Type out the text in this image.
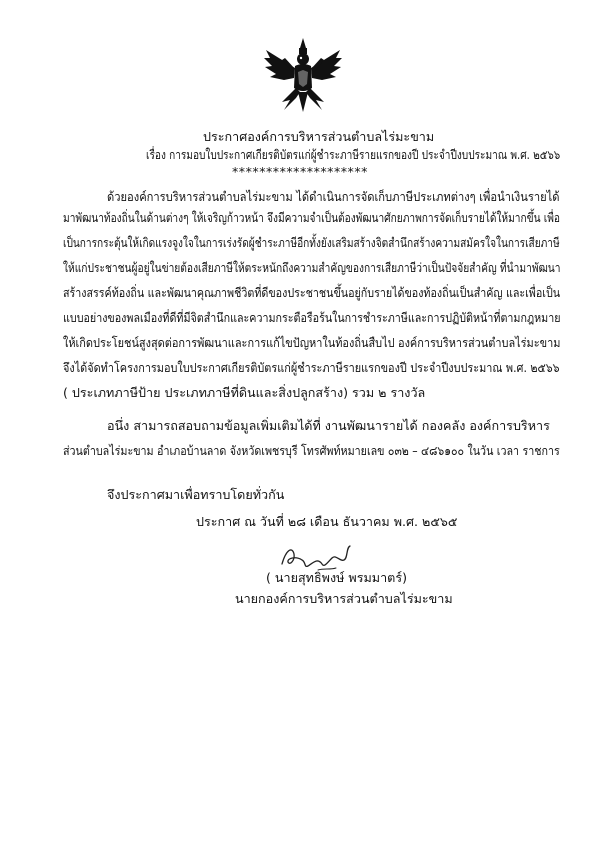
ประกาศองค์การบริหารส่วนตำบลไร่มะขาม
เรื่อง การมอบใบประกาศเกียรติบัตรแก่ผู้ชำระภาษีรายแรกของปี ประจำปีงบประมาณ พ.ศ. ๒๕๖๖
********************
ด้วยองค์การบริหารส่วนตำบลไร่มะขาม ได้ดำเนินการจัดเก็บภาษีประเภทต่างๆ เพื่อนำเงินรายได้
มาพัฒนาท้องถิ่นในด้านต่างๆ ให้เจริญก้าวหน้า จึงมีความจำเป็นต้องพัฒนาศักยภาพการจัดเก็บรายได้ให้มากขึ้น เพื่อ
เป็นการกระตุ้นให้เกิดแรงจูงใจในการเร่งรัดผู้ชำระภาษีอีกทั้งยังเสริมสร้างจิตสำนึกสร้างความสมัครใจในการเสียภาษี
ให้แก่ประชาชนผู้อยู่ในข่ายต้องเสียภาษีให้ตระหนักถึงความสำคัญของการเสียภาษีว่าเป็นปัจจัยสำคัญ ที่นำมาพัฒนา
สร้างสรรค์ท้องถิ่น และพัฒนาคุณภาพชีวิตที่ดีของประชาชนขึ้นอยู่กับรายได้ของท้องถิ่นเป็นสำคัญ และเพื่อเป็น
แบบอย่างของพลเมืองที่ดีที่มีจิตสำนึกและความกระตือรือร้นในการชำระภาษีและการปฏิบัติหน้าที่ตามกฎหมาย
ให้เกิดประโยชน์สูงสุดต่อการพัฒนาและการแก้ไขปัญหาในท้องถิ่นสืบไป องค์การบริหารส่วนตำบลไร่มะขาม
จึงได้จัดทำโครงการมอบใบประกาศเกียรติบัตรแก่ผู้ชำระภาษีรายแรกของปี ประจำปีงบประมาณ พ.ศ. ๒๕๖๖
( ประเภทภาษีป้าย ประเภทภาษีที่ดินและสิ่งปลูกสร้าง) รวม ๒ รางวัล
อนึ่ง สามารถสอบถามข้อมูลเพิ่มเติมได้ที่ งานพัฒนารายได้ กองคลัง องค์การบริหาร
ส่วนตำบลไร่มะขาม อำเภอบ้านลาด จังหวัดเพชรบุรี โทรศัพท์หมายเลข ๐๓๒ – ๔๘๖๑๐๐ ในวัน เวลา ราชการ
จึงประกาศมาเพื่อทราบโดยทั่วกัน
ประกาศ ณ วันที่ ๒๘ เดือน ธันวาคม พ.ศ. ๒๕๖๕
( นายสุทธิพงษ์ พรมมาตร์)
นายกองค์การบริหารส่วนตำบลไร่มะขาม
